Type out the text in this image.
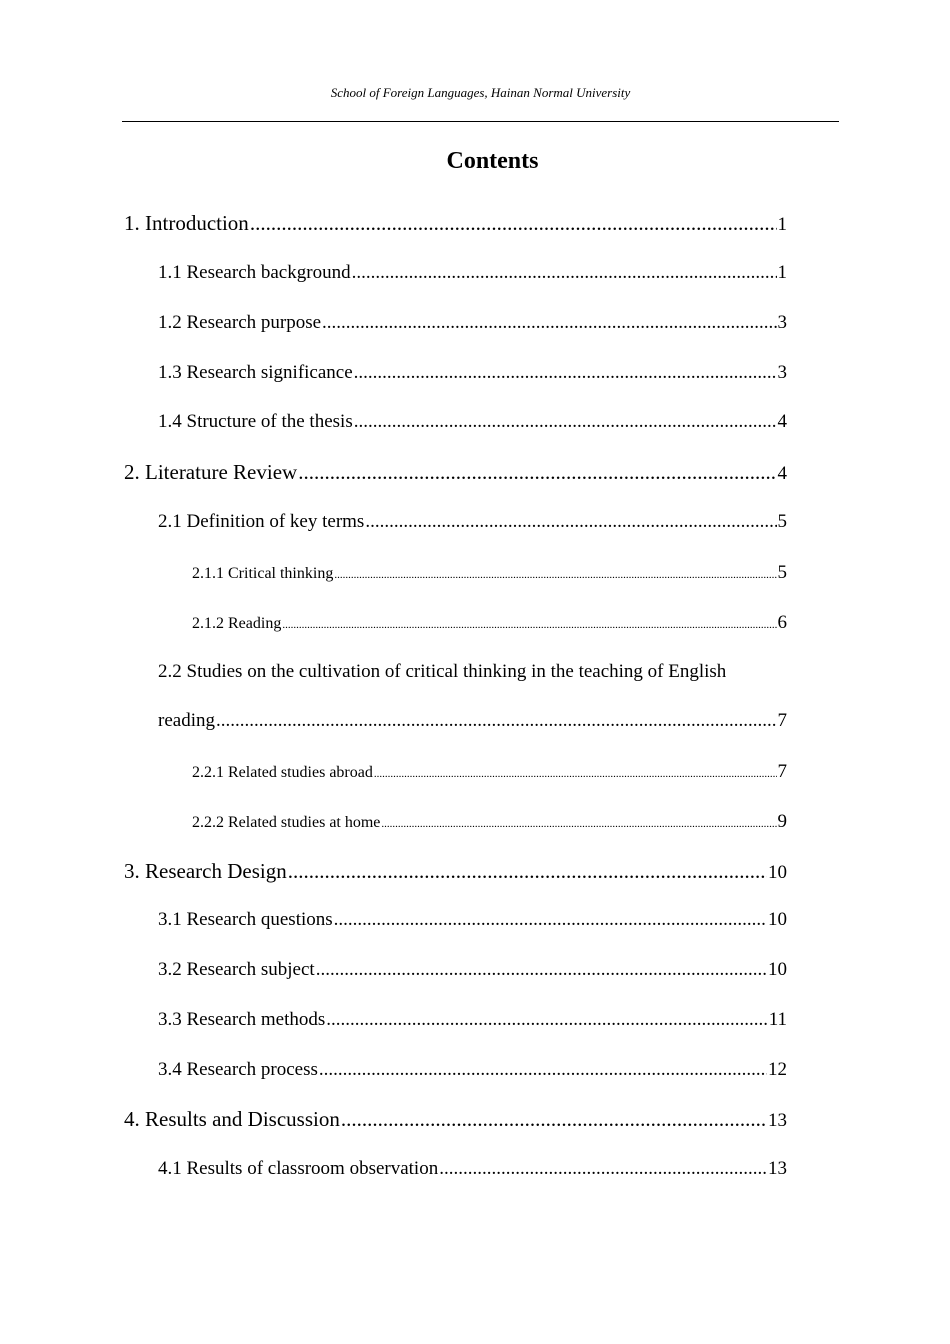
School of Foreign Languages, Hainan Normal University
Contents
1. Introduction .....	1
1.1 Research background .....	1
1.2 Research purpose .....	3
1.3 Research significance .....	3
1.4 Structure of the thesis .....	4
2. Literature Review .....	4
2.1 Definition of key terms .....	5
2.1.1 Critical thinking .....	5
2.1.2 Reading .....	6
2.2 Studies on the cultivation of critical thinking in the teaching of English
reading .....	7
2.2.1 Related studies abroad .....	7
2.2.2 Related studies at home .....	9
3. Research Design .....	10
3.1 Research questions .....	10
3.2 Research subject .....	10
3.3 Research methods .....	11
3.4 Research process .....	12
4. Results and Discussion .....	13
4.1 Results of classroom observation .....	13
